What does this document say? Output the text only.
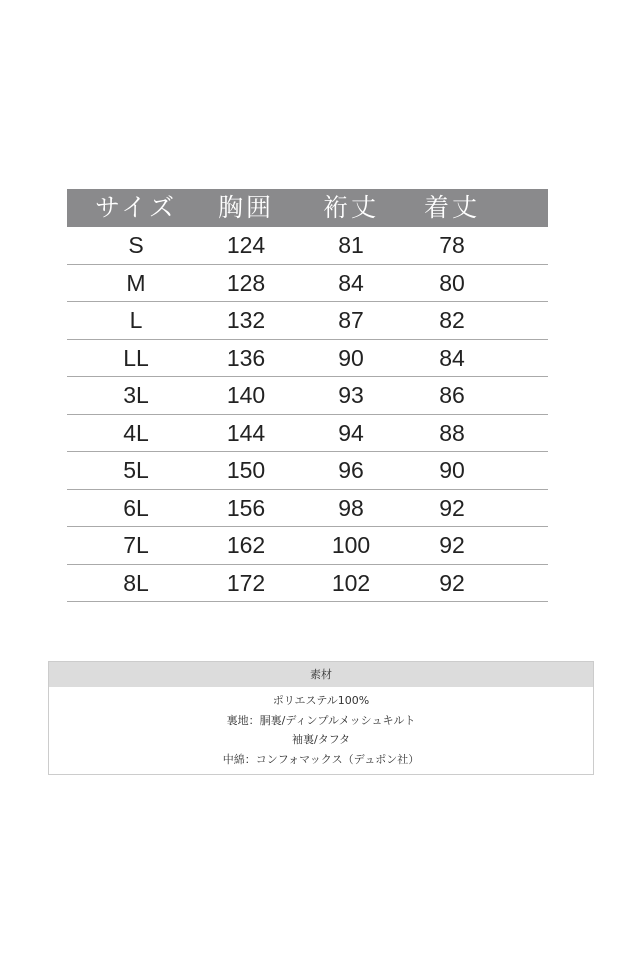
サイズ	胸囲	裄丈	着丈
S	124	81	78
M	128	84	80
L	132	87	82
LL	136	90	84
3L	140	93	86
4L	144	94	88
5L	150	96	90
6L	156	98	92
7L	162	100	92
8L	172	102	92
素材
ポリエステル100%
裏地：胴裏/ディンプルメッシュキルト
袖裏/タフタ
中綿：コンフォマックス（デュポン社）
